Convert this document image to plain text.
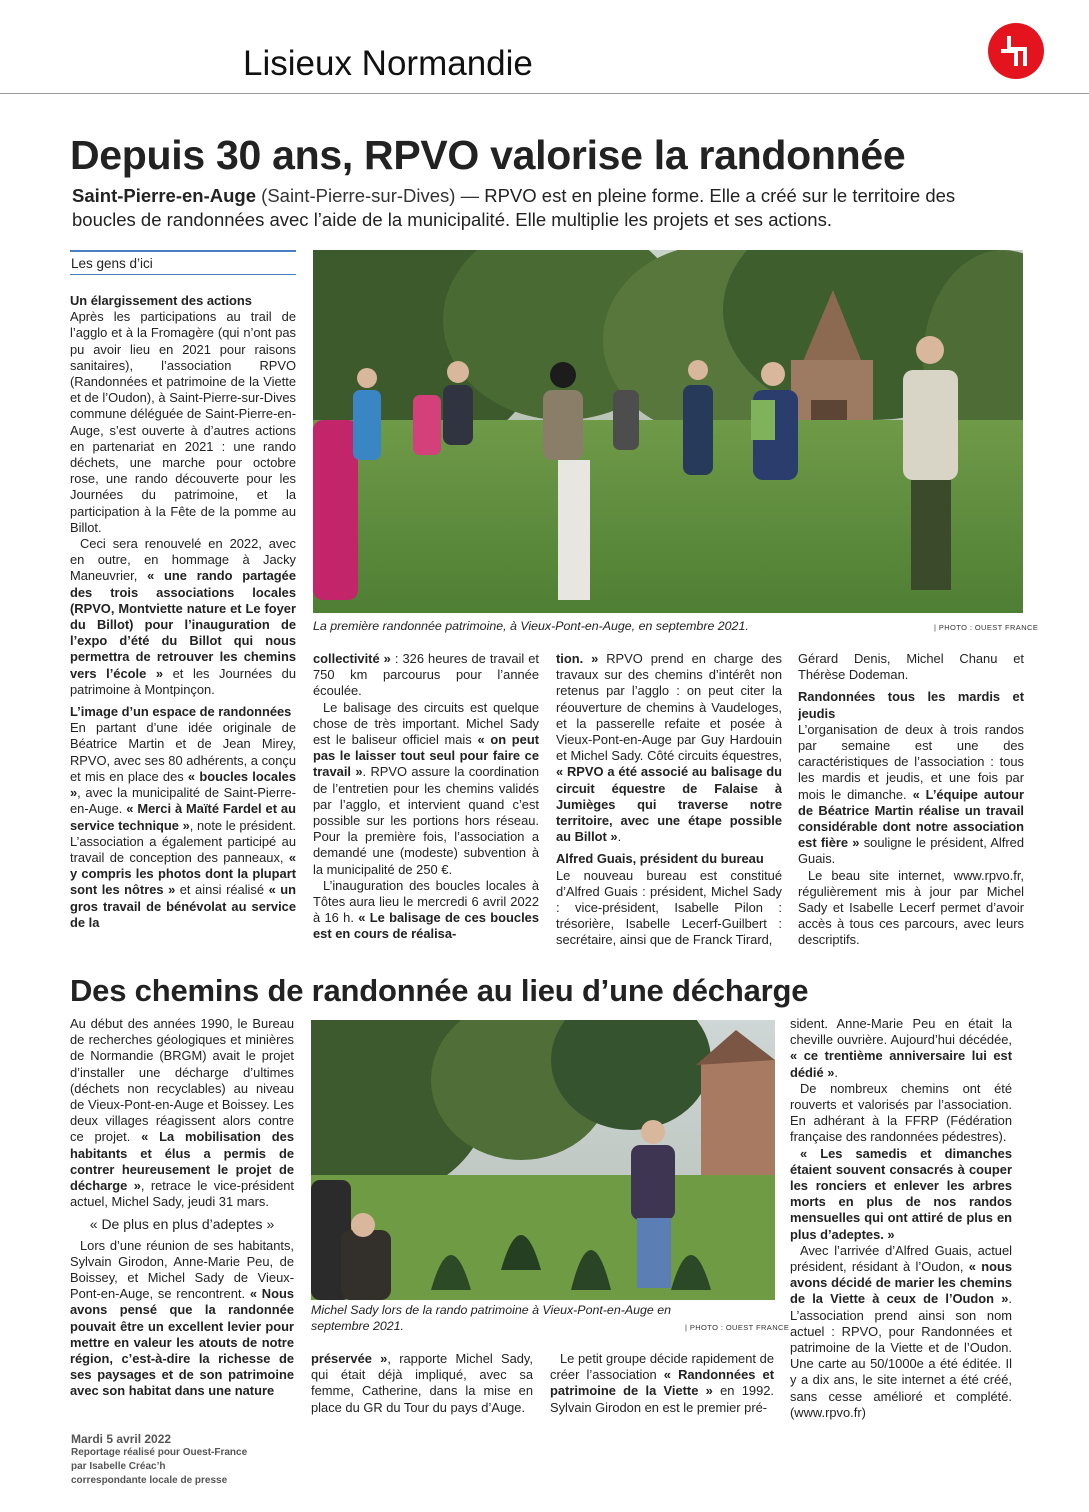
Lisieux Normandie
Depuis 30 ans, RPVO valorise la randonnée
Saint-Pierre-en-Auge (Saint-Pierre-sur-Dives) — RPVO est en pleine forme. Elle a créé sur le territoire des boucles de randonnées avec l’aide de la municipalité. Elle multiplie les projets et ses actions.
Les gens d’ici
Un élargissement des actions

Après les participations au trail de l’agglo et à la Fromagère (qui n’ont pas pu avoir lieu en 2021 pour raisons sanitaires), l’association RPVO (Randonnées et patrimoine de la Viette et de l’Oudon), à Saint-Pierre-sur-Dives commune déléguée de Saint-Pierre-en-Auge, s’est ouverte à d’autres actions en partenariat en 2021 : une rando déchets, une marche pour octobre rose, une rando découverte pour les Journées du patrimoine, et la participation à la Fête de la pomme au Billot.

Ceci sera renouvelé en 2022, avec en outre, en hommage à Jacky Maneuvrier, « une rando partagée des trois associations locales (RPVO, Montviette nature et Le foyer du Billot) pour l’inauguration de l’expo d’été du Billot qui nous permettra de retrouver les chemins vers l’école » et les Journées du patrimoine à Montpinçon.

L’image d’un espace de randonnées

En partant d’une idée originale de Béatrice Martin et de Jean Mirey, RPVO, avec ses 80 adhérents, a conçu et mis en place des « boucles locales », avec la municipalité de Saint-Pierre-en-Auge. « Merci à Maïté Fardel et au service technique », note le président. L’association a également participé au travail de conception des panneaux, « y compris les photos dont la plupart sont les nôtres » et ainsi réalisé « un gros travail de bénévolat au service de la

La première randonnée patrimoine, à Vieux-Pont-en-Auge, en septembre 2021.	| PHOTO : OUEST FRANCE

collectivité » : 326 heures de travail et 750 km parcourus pour l’année écoulée.

Le balisage des circuits est quelque chose de très important. Michel Sady est le baliseur officiel mais « on peut pas le laisser tout seul pour faire ce travail ». RPVO assure la coordination de l’entretien pour les chemins validés par l’agglo, et intervient quand c’est possible sur les portions hors réseau. Pour la première fois, l’association a demandé une (modeste) subvention à la municipalité de 250 €.

L’inauguration des boucles locales à Tôtes aura lieu le mercredi 6 avril 2022 à 16 h. « Le balisage de ces boucles est en cours de réalisa-

tion. » RPVO prend en charge des travaux sur des chemins d’intérêt non retenus par l’agglo : on peut citer la réouverture de chemins à Vaudeloges, et la passerelle refaite et posée à Vieux-Pont-en-Auge par Guy Hardouin et Michel Sady. Côté circuits équestres, « RPVO a été associé au balisage du circuit équestre de Falaise à Jumièges qui traverse notre territoire, avec une étape possible au Billot ».

Alfred Guais, président du bureau

Le nouveau bureau est constitué d’Alfred Guais : président, Michel Sady : vice-président, Isabelle Pilon : trésorière, Isabelle Lecerf-Guilbert : secrétaire, ainsi que de Franck Tirard,

Gérard Denis, Michel Chanu et Thérèse Dodeman.

Randonnées tous les mardis et jeudis

L’organisation de deux à trois randos par semaine est une des caractéristiques de l’association : tous les mardis et jeudis, et une fois par mois le dimanche. « L’équipe autour de Béatrice Martin réalise un travail considérable dont notre association est fière » souligne le président, Alfred Guais.

Le beau site internet, www.rpvo.fr, régulièrement mis à jour par Michel Sady et Isabelle Lecerf permet d’avoir accès à tous ces parcours, avec leurs descriptifs.

Des chemins de randonnée au lieu d’une décharge

Au début des années 1990, le Bureau de recherches géologiques et minières de Normandie (BRGM) avait le projet d’installer une décharge d’ultimes (déchets non recyclables) au niveau de Vieux-Pont-en-Auge et Boissey. Les deux villages réagissent alors contre ce projet. « La mobilisation des habitants et élus a permis de contrer heureusement le projet de décharge », retrace le vice-président actuel, Michel Sady, jeudi 31 mars.

« De plus en plus d’adeptes »

Lors d’une réunion de ses habitants, Sylvain Girodon, Anne-Marie Peu, de Boissey, et Michel Sady de Vieux-Pont-en-Auge, se rencontrent. « Nous avons pensé que la randonnée pouvait être un excellent levier pour mettre en valeur les atouts de notre région, c’est-à-dire la richesse de ses paysages et de son patrimoine avec son habitat dans une nature

Michel Sady lors de la rando patrimoine à Vieux-Pont-en-Auge en septembre 2021.	| PHOTO : OUEST FRANCE

préservée », rapporte Michel Sady, qui était déjà impliqué, avec sa femme, Catherine, dans la mise en place du GR du Tour du pays d’Auge.

Le petit groupe décide rapidement de créer l’association « Randonnées et patrimoine de la Viette » en 1992. Sylvain Girodon en est le premier pré-

sident. Anne-Marie Peu en était la cheville ouvrière. Aujourd’hui décédée, « ce trentième anniversaire lui est dédié ».

De nombreux chemins ont été rouverts et valorisés par l’association. En adhérant à la FFRP (Fédération française des randonnées pédestres).

« Les samedis et dimanches étaient souvent consacrés à couper les ronciers et enlever les arbres morts en plus de nos randos mensuelles qui ont attiré de plus en plus d’adeptes. »

Avec l’arrivée d’Alfred Guais, actuel président, résidant à l’Oudon, « nous avons décidé de marier les chemins de la Viette à ceux de l’Oudon ». L’association prend ainsi son nom actuel : RPVO, pour Randonnées et patrimoine de la Viette et de l’Oudon. Une carte au 50/1000e a été éditée. Il y a dix ans, le site internet a été créé, sans cesse amélioré et complété. (www.rpvo.fr)

Mardi 5 avril 2022
Reportage réalisé pour Ouest-France
par Isabelle Créac’h
correspondante locale de presse
